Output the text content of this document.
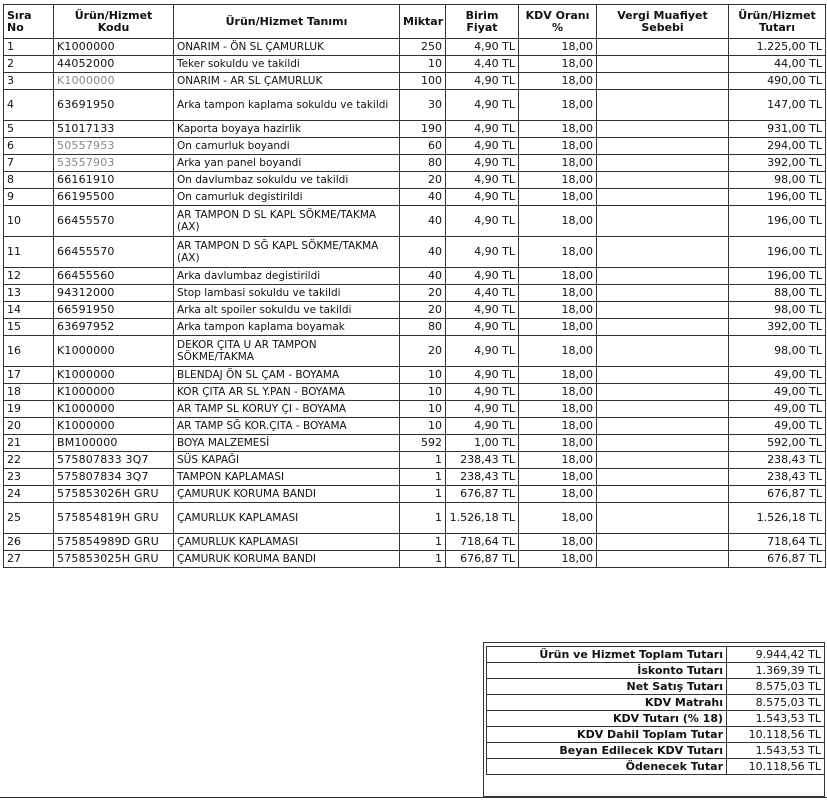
Sıra No	Ürün/Hizmet Kodu	Ürün/Hizmet Tanımı	Miktar	Birim Fiyat	KDV Oranı %	Vergi Muafiyet Sebebi	Ürün/Hizmet Tutarı
1	K1000000	ONARIM - ÖN SL ÇAMURLUK	250	4,90 TL	18,00		1.225,00 TL
2	44052000	Teker sokuldu ve takildi	10	4,40 TL	18,00		44,00 TL
3	K1000000	ONARIM - AR SL ÇAMURLUK	100	4,90 TL	18,00		490,00 TL
4	63691950	Arka tampon kaplama sokuldu ve takildi	30	4,90 TL	18,00		147,00 TL
5	51017133	Kaporta boyaya hazirlik	190	4,90 TL	18,00		931,00 TL
6	50557953	On camurluk boyandi	60	4,90 TL	18,00		294,00 TL
7	53557903	Arka yan panel boyandi	80	4,90 TL	18,00		392,00 TL
8	66161910	On davlumbaz sokuldu ve takildi	20	4,90 TL	18,00		98,00 TL
9	66195500	On camurluk degistirildi	40	4,90 TL	18,00		196,00 TL
10	66455570	AR TAMPON D SL KAPL SÖKME/TAKMA (AX)	40	4,90 TL	18,00		196,00 TL
11	66455570	AR TAMPON D SĞ KAPL SÖKME/TAKMA (AX)	40	4,90 TL	18,00		196,00 TL
12	66455560	Arka davlumbaz degistirildi	40	4,90 TL	18,00		196,00 TL
13	94312000	Stop lambasi sokuldu ve takildi	20	4,40 TL	18,00		88,00 TL
14	66591950	Arka alt spoiler sokuldu ve takildi	20	4,90 TL	18,00		98,00 TL
15	63697952	Arka tampon kaplama boyamak	80	4,90 TL	18,00		392,00 TL
16	K1000000	DEKOR ÇITA U AR TAMPON SÖKME/TAKMA	20	4,90 TL	18,00		98,00 TL
17	K1000000	BLENDAJ ÖN SL ÇAM - BOYAMA	10	4,90 TL	18,00		49,00 TL
18	K1000000	KOR ÇITA AR SL Y.PAN - BOYAMA	10	4,90 TL	18,00		49,00 TL
19	K1000000	AR TAMP SL KORUY ÇI - BOYAMA	10	4,90 TL	18,00		49,00 TL
20	K1000000	AR TAMP SĞ KOR.ÇITA - BOYAMA	10	4,90 TL	18,00		49,00 TL
21	BM100000	BOYA MALZEMESİ	592	1,00 TL	18,00		592,00 TL
22	575807833 3Q7	SÜS KAPAĞI	1	238,43 TL	18,00		238,43 TL
23	575807834 3Q7	TAMPON KAPLAMASI	1	238,43 TL	18,00		238,43 TL
24	575853026H GRU	ÇAMURUK KORUMA BANDI	1	676,87 TL	18,00		676,87 TL
25	575854819H GRU	ÇAMURLUK KAPLAMASI	1	1.526,18 TL	18,00		1.526,18 TL
26	575854989D GRU	ÇAMURLUK KAPLAMASI	1	718,64 TL	18,00		718,64 TL
27	575853025H GRU	ÇAMURUK KORUMA BANDI	1	676,87 TL	18,00		676,87 TL
Ürün ve Hizmet Toplam Tutarı	9.944,42 TL
İskonto Tutarı	1.369,39 TL
Net Satış Tutarı	8.575,03 TL
KDV Matrahı	8.575,03 TL
KDV Tutarı (% 18)	1.543,53 TL
KDV Dahil Toplam Tutar	10.118,56 TL
Beyan Edilecek KDV Tutarı	1.543,53 TL
Ödenecek Tutar	10.118,56 TL
